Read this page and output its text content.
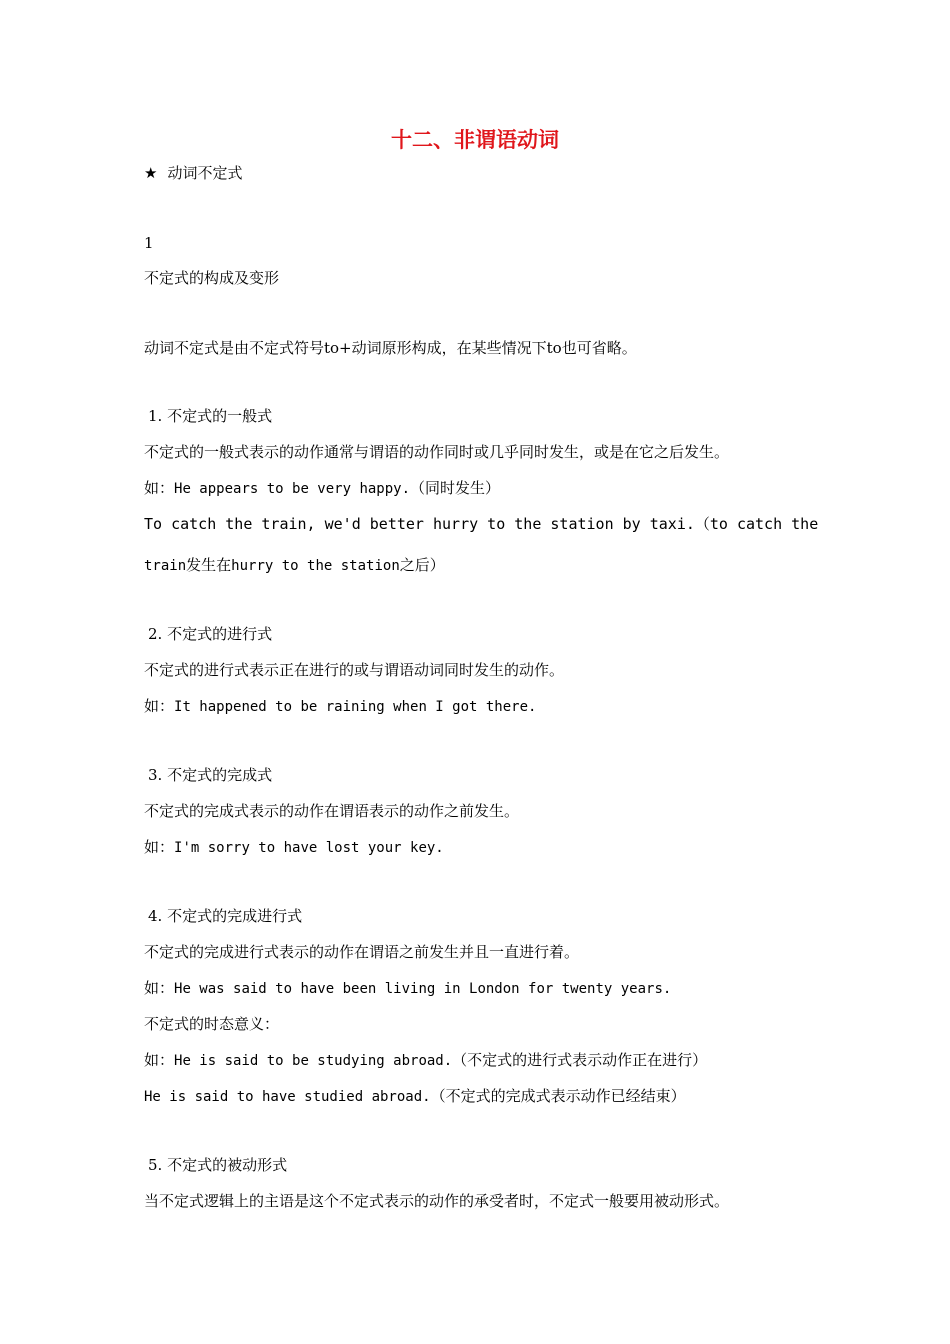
十二、非谓语动词
★ 动词不定式
1
不定式的构成及变形
动词不定式是由不定式符号to+动词原形构成，在某些情况下to也可省略。
1. 不定式的一般式
不定式的一般式表示的动作通常与谓语的动作同时或几乎同时发生，或是在它之后发生。
如：He appears to be very happy.（同时发生）
To catch the train, we'd better hurry to the station by taxi.（to catch the
train发生在hurry to the station之后）
2. 不定式的进行式
不定式的进行式表示正在进行的或与谓语动词同时发生的动作。
如：It happened to be raining when I got there.
3. 不定式的完成式
不定式的完成式表示的动作在谓语表示的动作之前发生。
如：I'm sorry to have lost your key.
4. 不定式的完成进行式
不定式的完成进行式表示的动作在谓语之前发生并且一直进行着。
如：He was said to have been living in London for twenty years.
不定式的时态意义：
如：He is said to be studying abroad.（不定式的进行式表示动作正在进行）
He is said to have studied abroad.（不定式的完成式表示动作已经结束）
5. 不定式的被动形式
当不定式逻辑上的主语是这个不定式表示的动作的承受者时，不定式一般要用被动形式。
